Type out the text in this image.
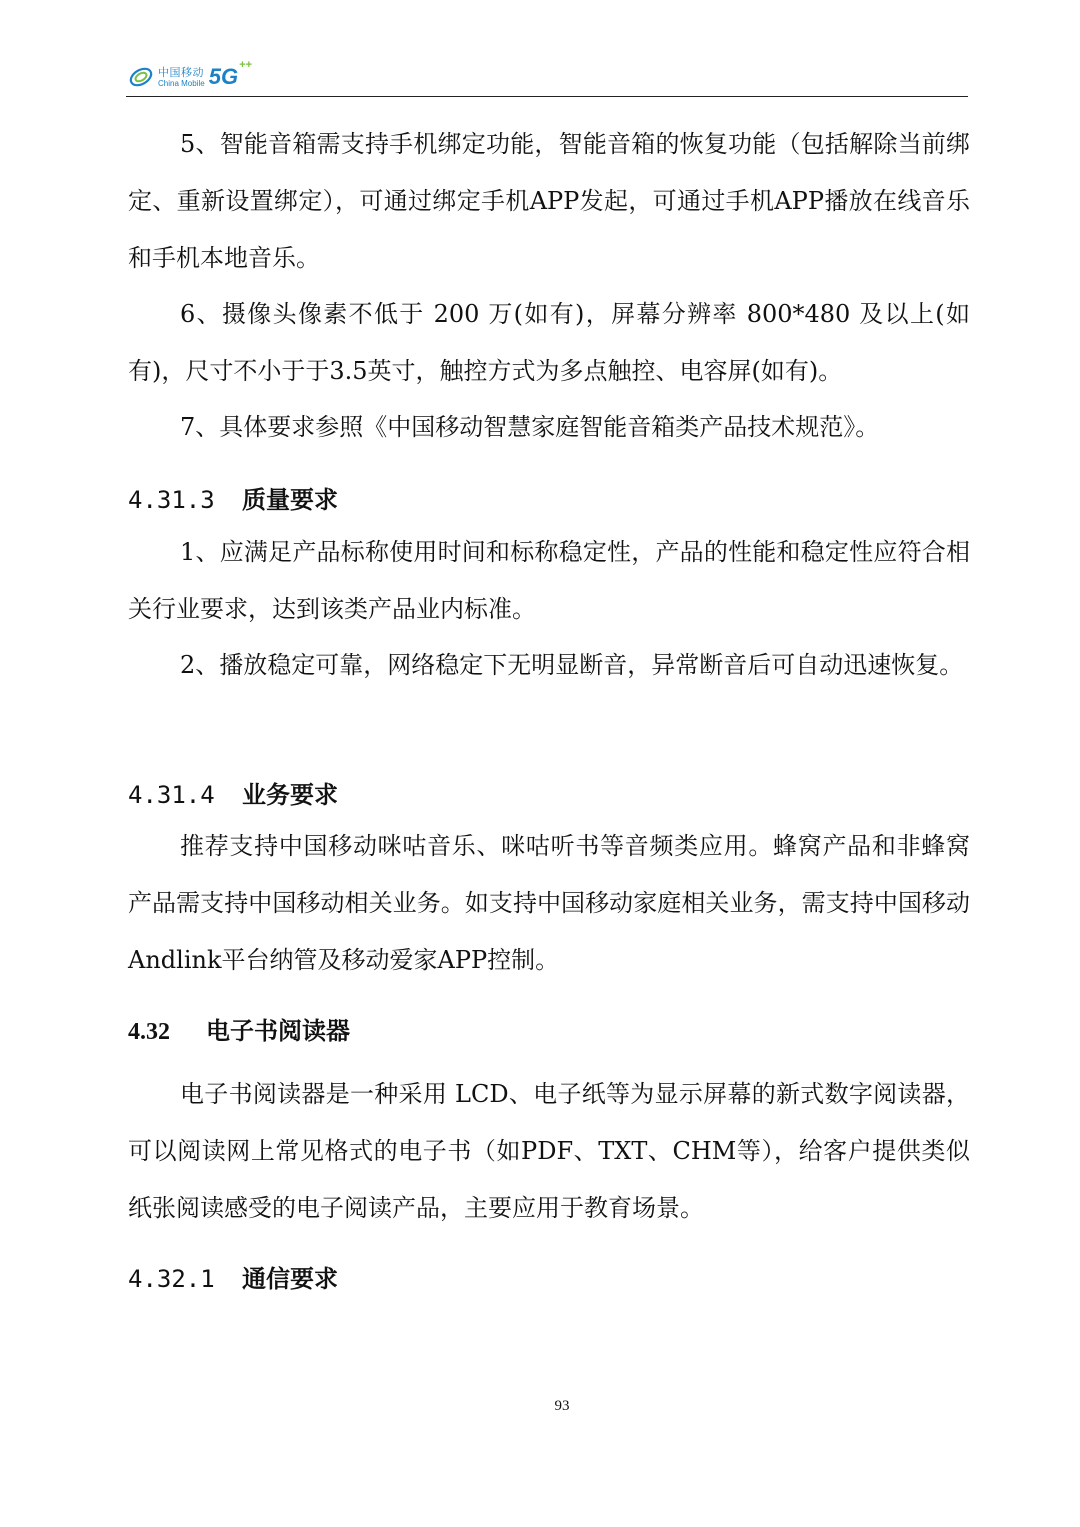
中国移动
China Mobile 5G ++

5、智能音箱需支持手机绑定功能，智能音箱的恢复功能（包括解除当前绑定、重新设置绑定），可通过绑定手机APP发起，可通过手机APP播放在线音乐和手机本地音乐。

6、摄像头像素不低于 200 万(如有)，屏幕分辨率 800*480 及以上(如有)，尺寸不小于于3.5英寸，触控方式为多点触控、电容屏(如有)。

7、具体要求参照《中国移动智慧家庭智能音箱类产品技术规范》。

4.31.3 质量要求

1、应满足产品标称使用时间和标称稳定性，产品的性能和稳定性应符合相关行业要求，达到该类产品业内标准。

2、播放稳定可靠，网络稳定下无明显断音，异常断音后可自动迅速恢复。

4.31.4 业务要求

推荐支持中国移动咪咕音乐、咪咕听书等音频类应用。蜂窝产品和非蜂窝产品需支持中国移动相关业务。如支持中国移动家庭相关业务，需支持中国移动Andlink平台纳管及移动爱家APP控制。

4.32 电子书阅读器

电子书阅读器是一种采用 LCD、电子纸等为显示屏幕的新式数字阅读器，可以阅读网上常见格式的电子书（如PDF、TXT、CHM等），给客户提供类似纸张阅读感受的电子阅读产品，主要应用于教育场景。

4.32.1 通信要求
93
